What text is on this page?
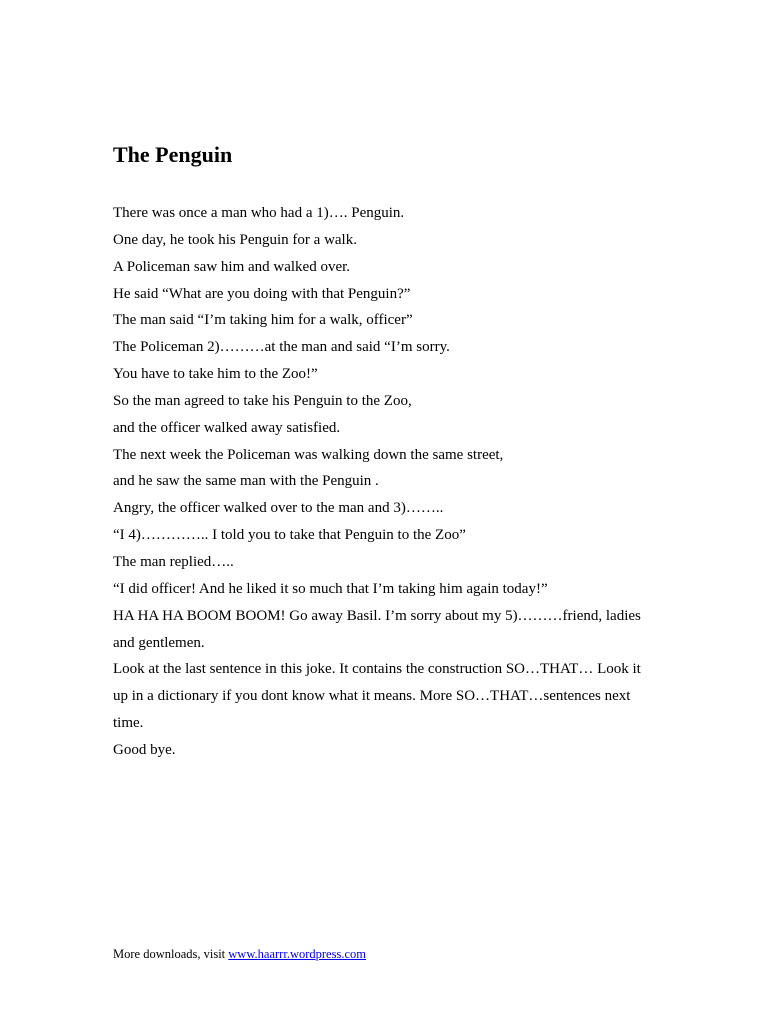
The Penguin
There was once a man who had a 1)…. Penguin.
One day, he took his Penguin for a walk.
A Policeman saw him and walked over.
He said “What are you doing with that Penguin?”
The man said “I’m taking him for a walk, officer”
The Policeman 2)………at the man and said “I’m sorry.
You have to take him to the Zoo!”
So the man agreed to take his Penguin to the Zoo,
and the officer walked away satisfied.
The next week the Policeman was walking down the same street,
and he saw the same man with the Penguin .
Angry, the officer walked over to the man and 3)……..
“I 4)………….. I told you to take that Penguin to the Zoo”
The man replied…..
“I did officer! And he liked it so much that I’m taking him again today!”

HA HA HA BOOM BOOM! Go away Basil. I’m sorry about my 5)………friend, ladies and gentlemen.

Look at the last sentence in this joke. It contains the construction SO…THAT… Look it up in a dictionary if you dont know what it means. More SO…THAT…sentences next time.

Good bye.

More downloads, visit www.haarrr.wordpress.com
